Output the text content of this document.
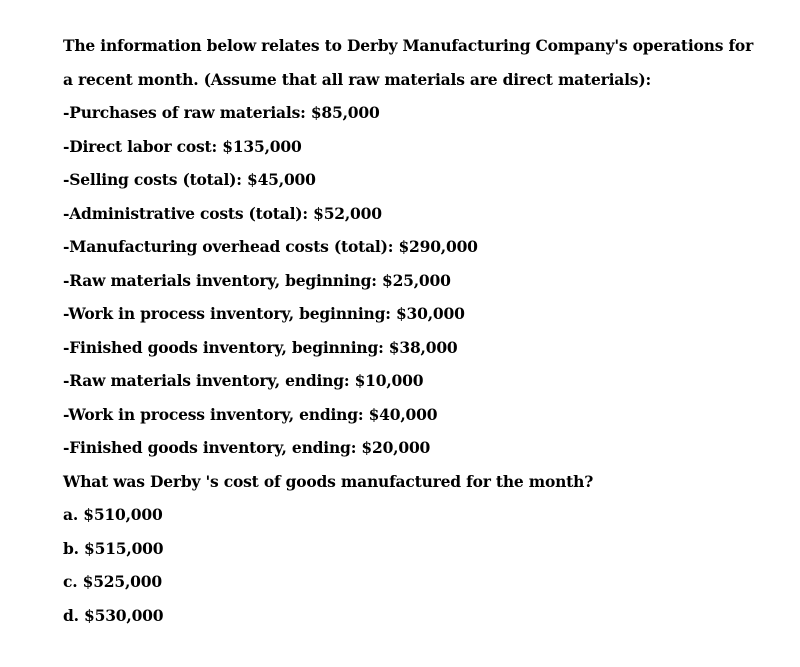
The information below relates to Derby Manufacturing Company's operations for
a recent month. (Assume that all raw materials are direct materials):
-Purchases of raw materials: $85,000
-Direct labor cost: $135,000
-Selling costs (total): $45,000
-Administrative costs (total): $52,000
-Manufacturing overhead costs (total): $290,000
-Raw materials inventory, beginning: $25,000
-Work in process inventory, beginning: $30,000
-Finished goods inventory, beginning: $38,000
-Raw materials inventory, ending: $10,000
-Work in process inventory, ending: $40,000
-Finished goods inventory, ending: $20,000
What was Derby 's cost of goods manufactured for the month?
a. $510,000
b. $515,000
c. $525,000
d. $530,000
